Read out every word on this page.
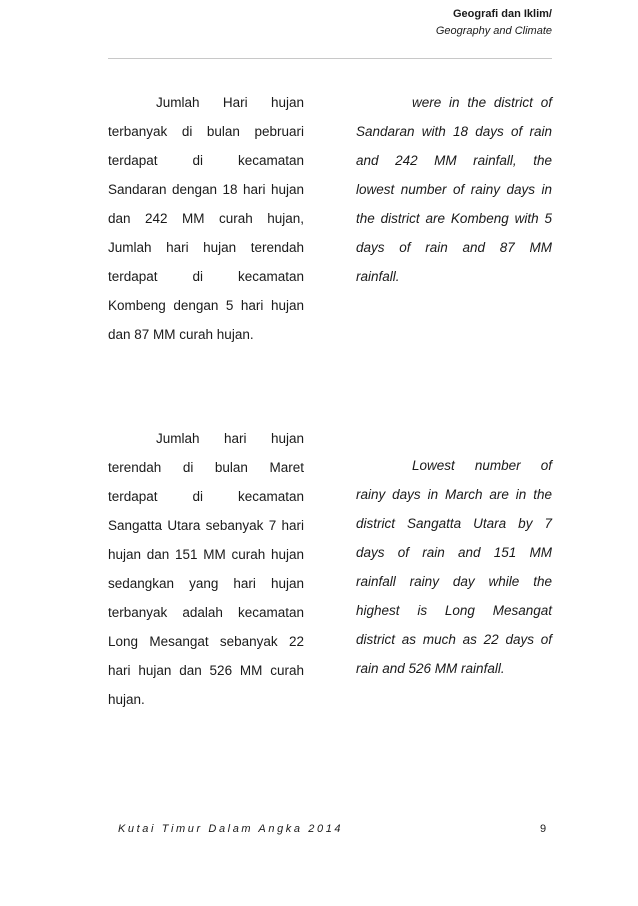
Geografi dan Iklim/
Geography and Climate
Jumlah Hari hujan
terbanyak di bulan pebruari
terdapat di kecamatan
Sandaran dengan 18 hari hujan
dan 242 MM curah hujan,
Jumlah hari hujan terendah
terdapat di kecamatan
Kombeng dengan 5 hari hujan
dan 87 MM curah hujan.
were in the district of
Sandaran with 18 days of rain
and 242 MM rainfall, the
lowest number of rainy days in
the district are Kombeng with 5
days of rain and 87 MM
rainfall.
Jumlah hari hujan
terendah di bulan Maret
terdapat di kecamatan
Sangatta Utara sebanyak 7 hari
hujan dan 151 MM curah hujan
sedangkan yang hari hujan
terbanyak adalah kecamatan
Long Mesangat sebanyak 22
hari hujan dan 526 MM curah
hujan.
Lowest number of
rainy days in March are in the
district Sangatta Utara by 7
days of rain and 151 MM
rainfall rainy day while the
highest is Long Mesangat
district as much as 22 days of
rain and 526 MM rainfall.
Kutai Timur Dalam Angka 2014	9
